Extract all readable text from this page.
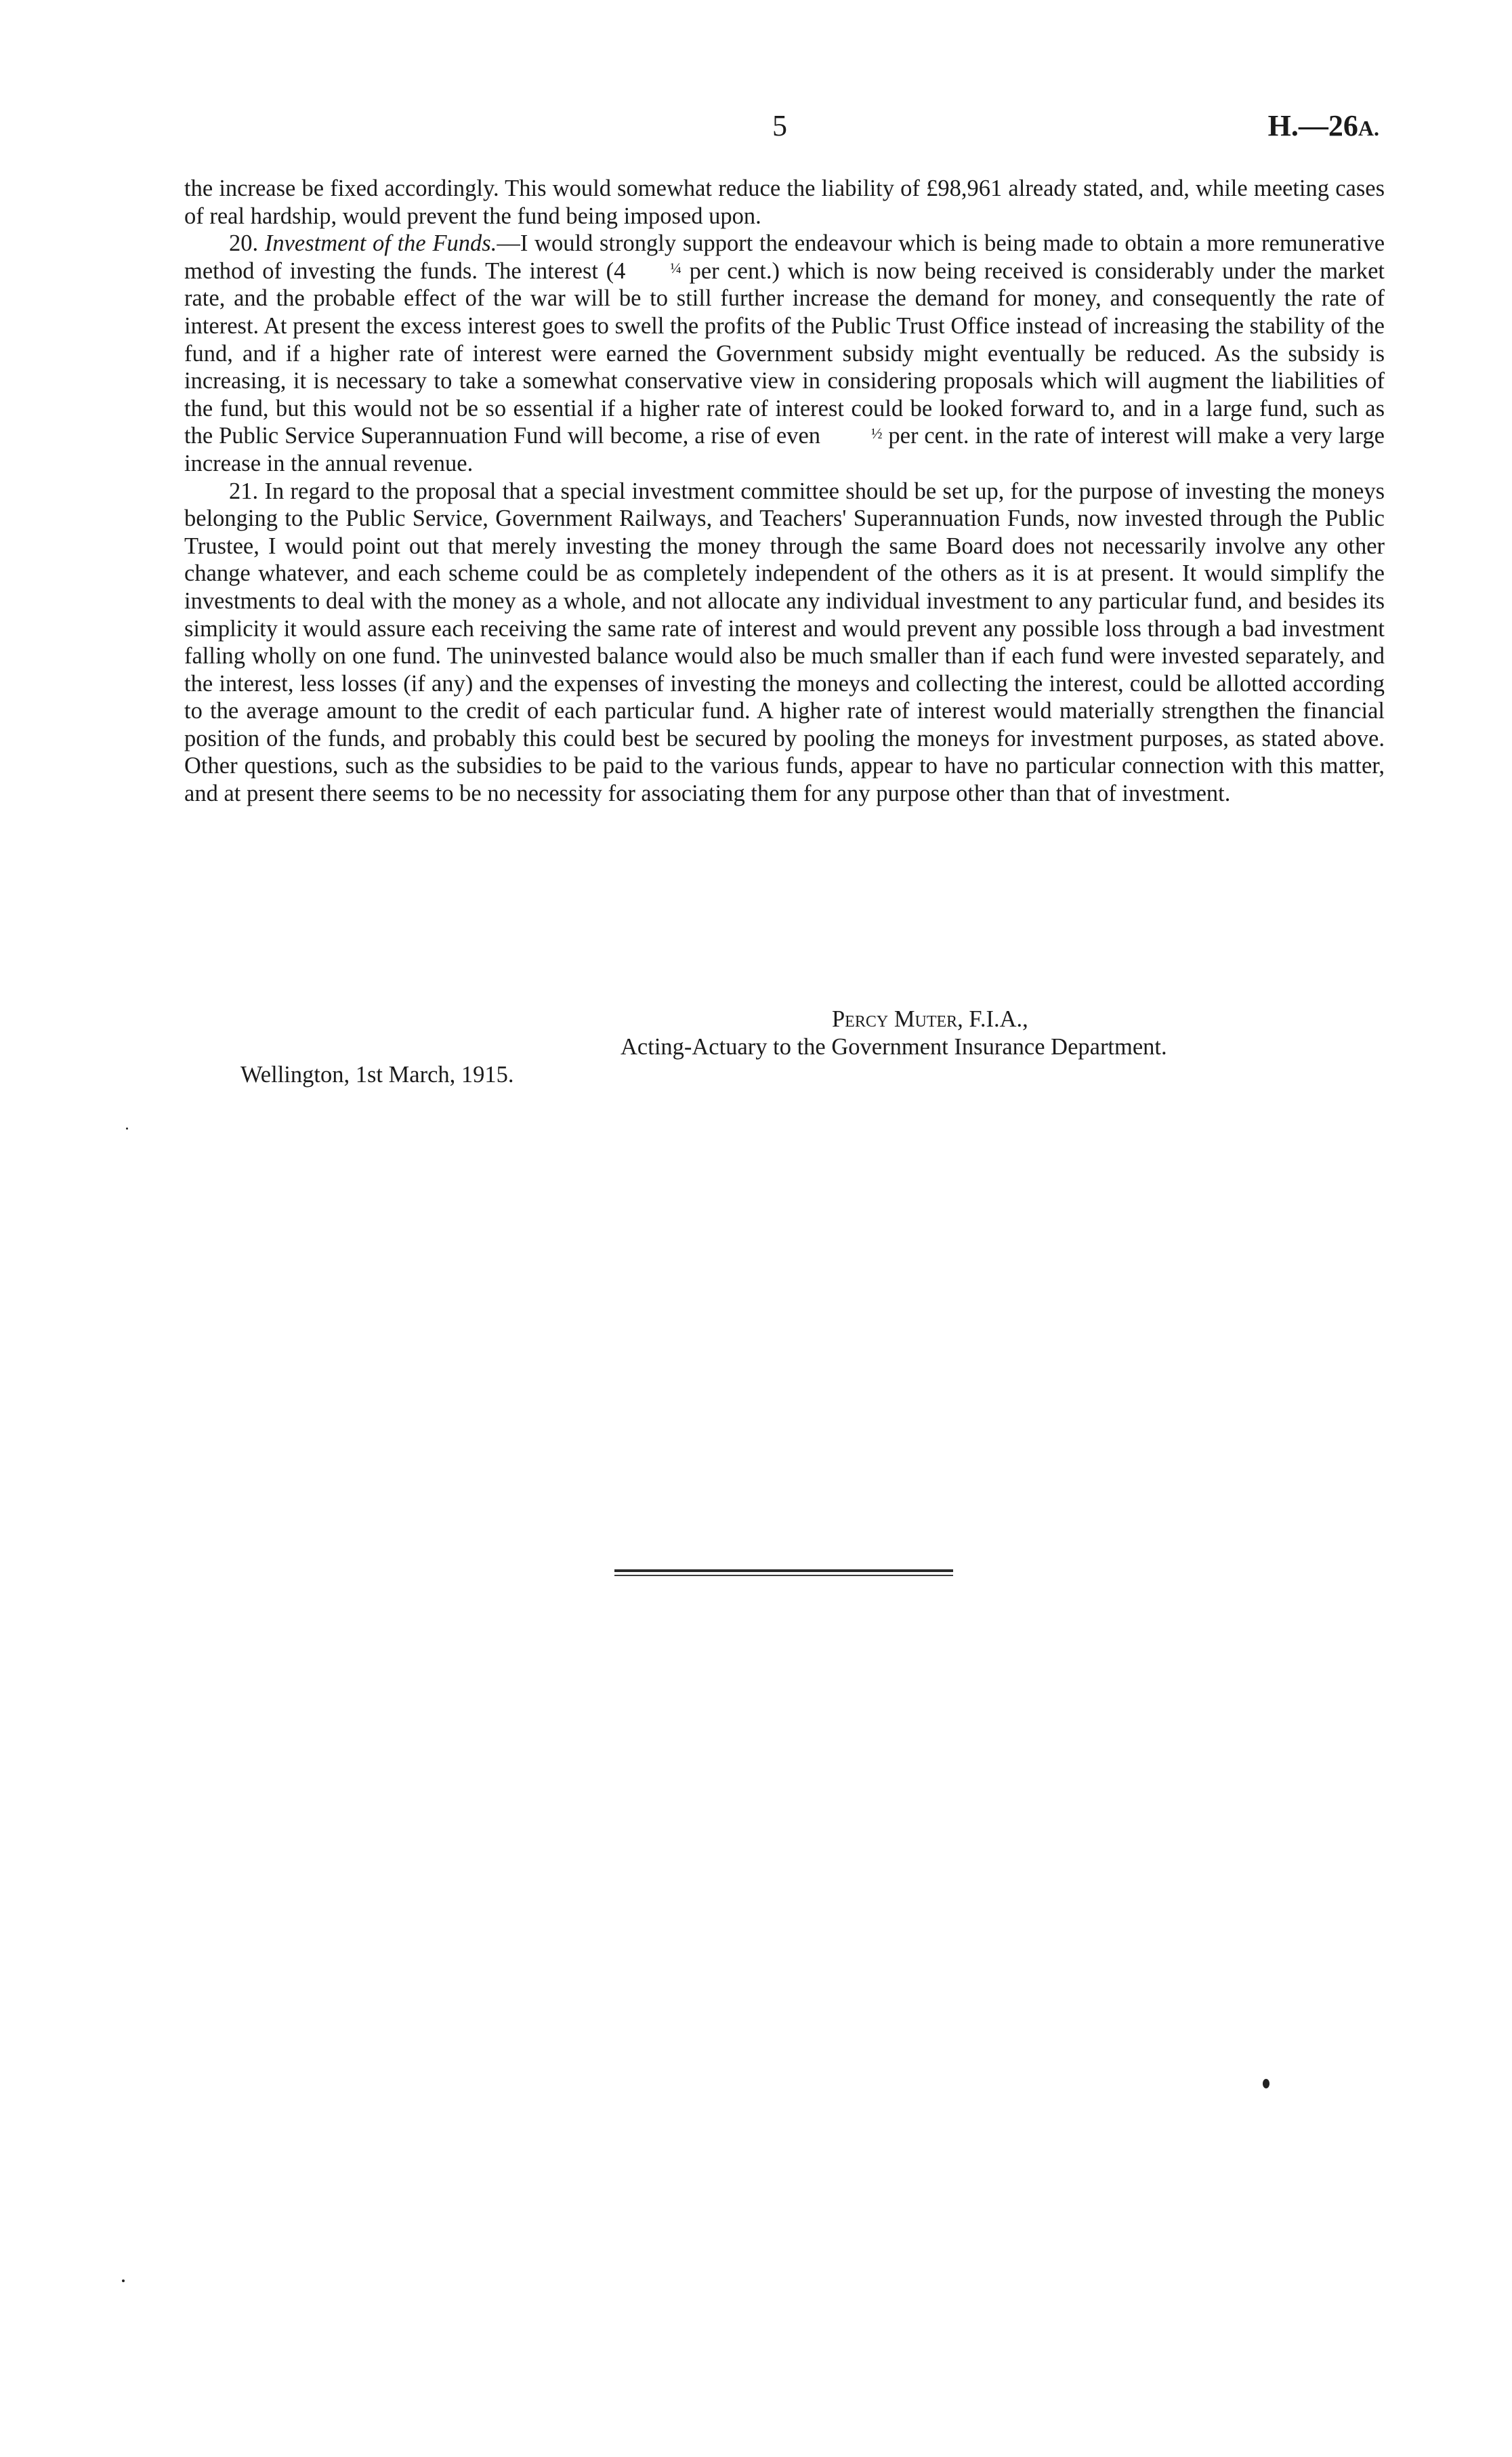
5	H.—26A.

the increase be fixed accordingly. This would somewhat reduce the liability of £98,961 already stated, and, while meeting cases of real hardship, would prevent the fund being imposed upon.

20. Investment of the Funds.—I would strongly support the endeavour which is being made to obtain a more remunerative method of investing the funds. The interest (4	¼ per cent.) which is now being received is considerably under the market rate, and the probable effect of the war will be to still further increase the demand for money, and consequently the rate of interest. At present the excess interest goes to swell the profits of the Public Trust Office instead of increasing the stability of the fund, and if a higher rate of interest were earned the Government subsidy might eventually be reduced. As the subsidy is increasing, it is necessary to take a somewhat conservative view in considering proposals which will augment the liabilities of the fund, but this would not be so essential if a higher rate of interest could be looked forward to, and in a large fund, such as the Public Service Superannuation Fund will become, a rise of even	½ per cent. in the rate of interest will make a very large increase in the annual revenue.

21. In regard to the proposal that a special investment committee should be set up, for the purpose of investing the moneys belonging to the Public Service, Government Railways, and Teachers' Superannuation Funds, now invested through the Public Trustee, I would point out that merely investing the money through the same Board does not necessarily involve any other change whatever, and each scheme could be as completely independent of the others as it is at present. It would simplify the investments to deal with the money as a whole, and not allocate any individual investment to any particular fund, and besides its simplicity it would assure each receiving the same rate of interest and would prevent any possible loss through a bad investment falling wholly on one fund. The uninvested balance would also be much smaller than if each fund were invested separately, and the interest, less losses (if any) and the expenses of investing the moneys and collecting the interest, could be allotted according to the average amount to the credit of each particular fund. A higher rate of interest would materially strengthen the financial position of the funds, and probably this could best be secured by pooling the moneys for investment purposes, as stated above. Other questions, such as the subsidies to be paid to the various funds, appear to have no particular connection with this matter, and at present there seems to be no necessity for associating them for any purpose other than that of investment.

Percy Muter, F.I.A.,
Acting-Actuary to the Government Insurance Department.
Wellington, 1st March, 1915.
